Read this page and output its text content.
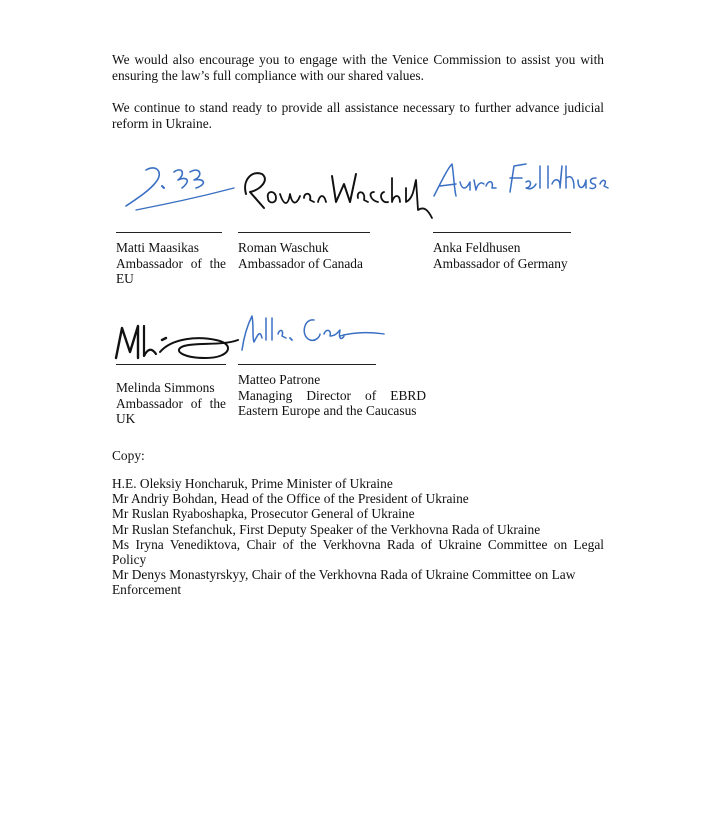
We would also encourage you to engage with the Venice Commission to assist you with ensuring the law’s full compliance with our shared values.

We continue to stand ready to provide all assistance necessary to further advance judicial reform in Ukraine.

Matti Maasikas
Ambassador of the
EU
Roman Waschuk
Ambassador of Canada
Anka Feldhusen
Ambassador of Germany
Matteo Patrone
Managing Director of EBRD
Eastern Europe and the Caucasus
Melinda Simmons
Ambassador of the
UK

Copy:

H.E. Oleksiy Honcharuk, Prime Minister of Ukraine
Mr Andriy Bohdan, Head of the Office of the President of Ukraine
Mr Ruslan Ryaboshapka, Prosecutor General of Ukraine
Mr Ruslan Stefanchuk, First Deputy Speaker of the Verkhovna Rada of Ukraine
Ms Iryna Venediktova, Chair of the Verkhovna Rada of Ukraine Committee on Legal Policy
Mr Denys Monastyrskyy, Chair of the Verkhovna Rada of Ukraine Committee on Law Enforcement
